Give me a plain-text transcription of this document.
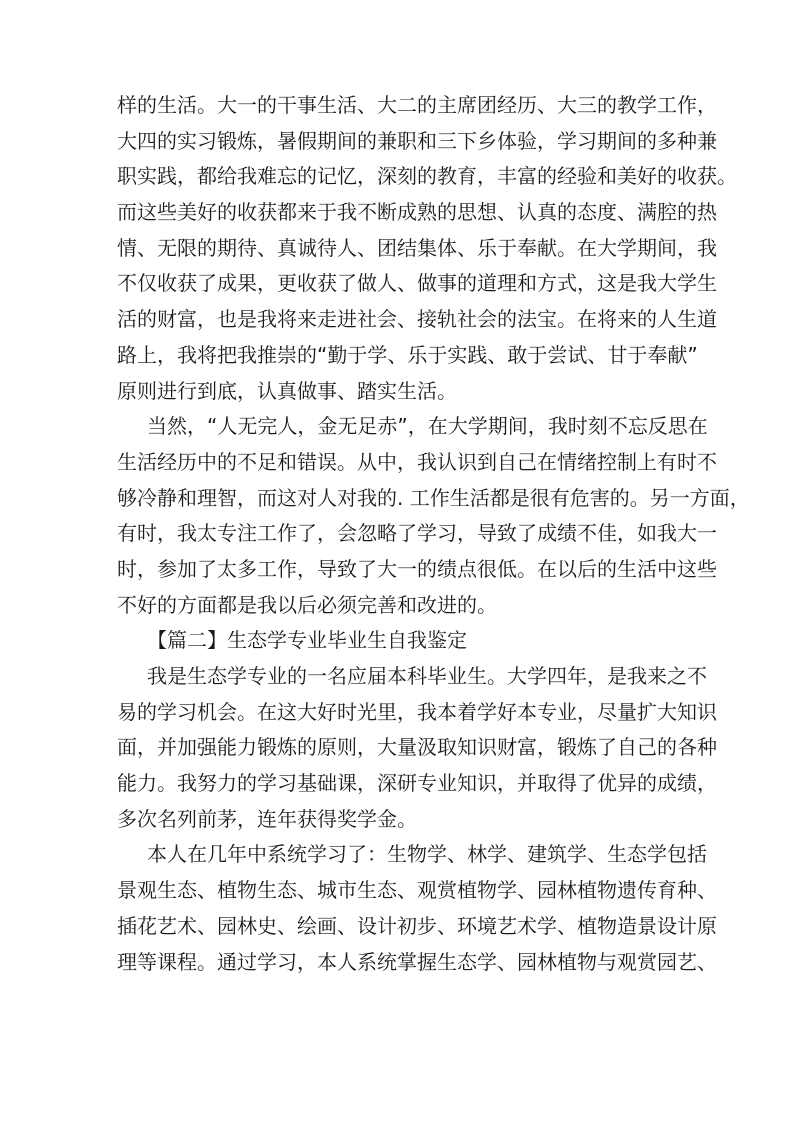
样的生活。大一的干事生活、大二的主席团经历、大三的教学工作，
大四的实习锻炼，暑假期间的兼职和三下乡体验，学习期间的多种兼
职实践，都给我难忘的记忆，深刻的教育，丰富的经验和美好的收获。
而这些美好的收获都来于我不断成熟的思想、认真的态度、满腔的热
情、无限的期待、真诚待人、团结集体、乐于奉献。在大学期间，我
不仅收获了成果，更收获了做人、做事的道理和方式，这是我大学生
活的财富，也是我将来走进社会、接轨社会的法宝。在将来的人生道
路上，我将把我推崇的“勤于学、乐于实践、敢于尝试、甘于奉献”
原则进行到底，认真做事、踏实生活。
当然，“人无完人，金无足赤”，在大学期间，我时刻不忘反思在
生活经历中的不足和错误。从中，我认识到自己在情绪控制上有时不
够冷静和理智，而这对人对我的. 工作生活都是很有危害的。另一方面，
有时，我太专注工作了，会忽略了学习，导致了成绩不佳，如我大一
时，参加了太多工作，导致了大一的绩点很低。在以后的生活中这些
不好的方面都是我以后必须完善和改进的。
【篇二】生态学专业毕业生自我鉴定
我是生态学专业的一名应届本科毕业生。大学四年，是我来之不
易的学习机会。在这大好时光里，我本着学好本专业，尽量扩大知识
面，并加强能力锻炼的原则，大量汲取知识财富，锻炼了自己的各种
能力。我努力的学习基础课，深研专业知识，并取得了优异的成绩，
多次名列前茅，连年获得奖学金。
本人在几年中系统学习了：生物学、林学、建筑学、生态学包括
景观生态、植物生态、城市生态、观赏植物学、园林植物遗传育种、
插花艺术、园林史、绘画、设计初步、环境艺术学、植物造景设计原
理等课程。通过学习，本人系统掌握生态学、园林植物与观赏园艺、
